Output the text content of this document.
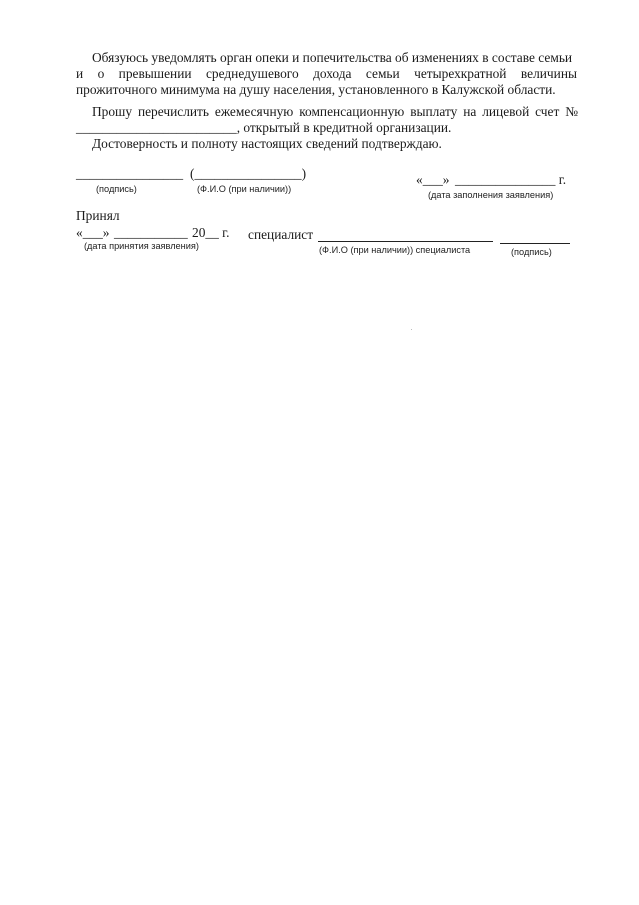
Обязуюсь уведомлять орган опеки и попечительства об изменениях в составе семьи
и о превышении среднедушевого дохода семьи четырехкратной величины
прожиточного минимума на душу населения, установленного в Калужской области.
Прошу перечислить ежемесячную компенсационную выплату на лицевой счет №
________________________, открытый в кредитной организации.
Достоверность и полноту настоящих сведений подтверждаю.
________________
(подпись)
(________________)
(Ф.И.О (при наличии))
«___» _______________ г.
(дата заполнения заявления)
Принял
«___» ___________ 20__ г.
(дата принятия заявления)
специалист
(Ф.И.О (при наличии)) специалиста	(подпись)
